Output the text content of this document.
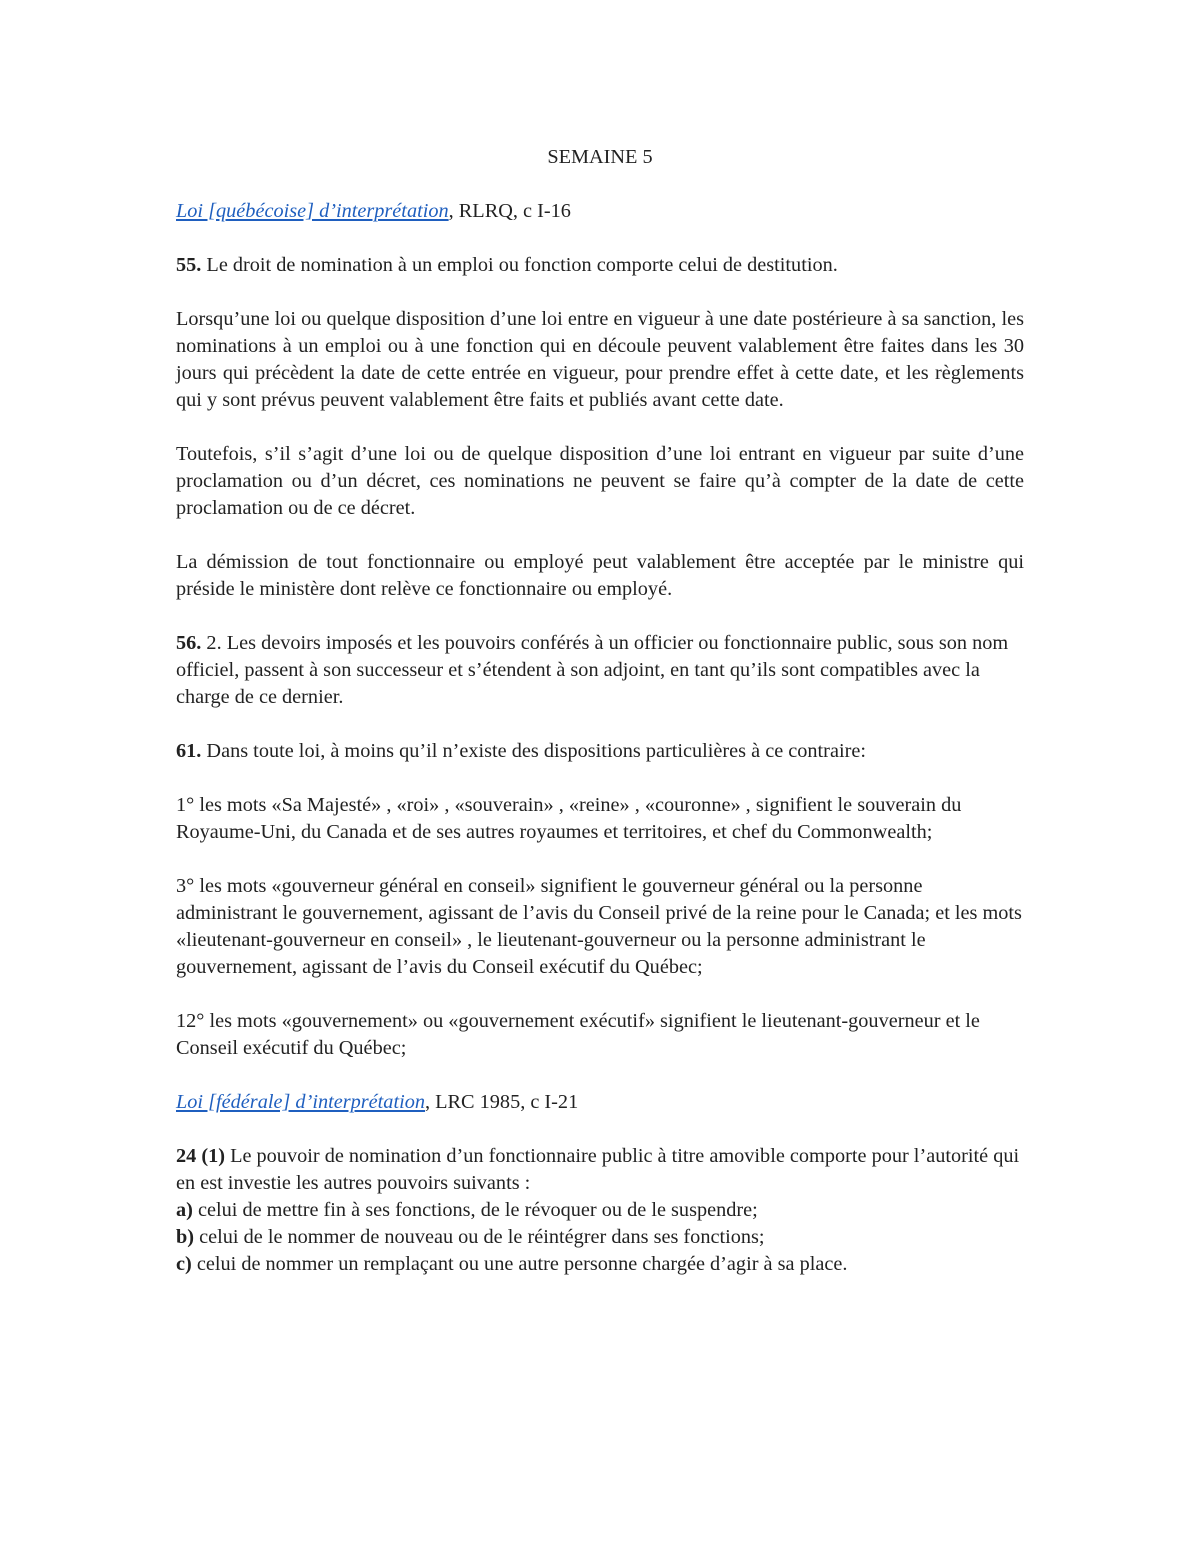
SEMAINE 5

Loi [québécoise] d’interprétation, RLRQ, c I-16

55. Le droit de nomination à un emploi ou fonction comporte celui de destitution.

Lorsqu’une loi ou quelque disposition d’une loi entre en vigueur à une date postérieure à sa sanction, les nominations à un emploi ou à une fonction qui en découle peuvent valablement être faites dans les 30 jours qui précèdent la date de cette entrée en vigueur, pour prendre effet à cette date, et les règlements qui y sont prévus peuvent valablement être faits et publiés avant cette date.

Toutefois, s’il s’agit d’une loi ou de quelque disposition d’une loi entrant en vigueur par suite d’une proclamation ou d’un décret, ces nominations ne peuvent se faire qu’à compter de la date de cette proclamation ou de ce décret.

La démission de tout fonctionnaire ou employé peut valablement être acceptée par le ministre qui préside le ministère dont relève ce fonctionnaire ou employé.

56. 2. Les devoirs imposés et les pouvoirs conférés à un officier ou fonctionnaire public, sous son nom officiel, passent à son successeur et s’étendent à son adjoint, en tant qu’ils sont compatibles avec la charge de ce dernier.

61. Dans toute loi, à moins qu’il n’existe des dispositions particulières à ce contraire:

1° les mots «Sa Majesté» , «roi» , «souverain» , «reine» , «couronne» , signifient le souverain du Royaume-Uni, du Canada et de ses autres royaumes et territoires, et chef du Commonwealth;

3° les mots «gouverneur général en conseil» signifient le gouverneur général ou la personne administrant le gouvernement, agissant de l’avis du Conseil privé de la reine pour le Canada; et les mots «lieutenant-gouverneur en conseil» , le lieutenant-gouverneur ou la personne administrant le gouvernement, agissant de l’avis du Conseil exécutif du Québec;

12° les mots «gouvernement» ou «gouvernement exécutif» signifient le lieutenant-gouverneur et le Conseil exécutif du Québec;

Loi [fédérale] d’interprétation, LRC 1985, c I-21

24 (1) Le pouvoir de nomination d’un fonctionnaire public à titre amovible comporte pour l’autorité qui en est investie les autres pouvoirs suivants :
a) celui de mettre fin à ses fonctions, de le révoquer ou de le suspendre;
b) celui de le nommer de nouveau ou de le réintégrer dans ses fonctions;
c) celui de nommer un remplaçant ou une autre personne chargée d’agir à sa place.
